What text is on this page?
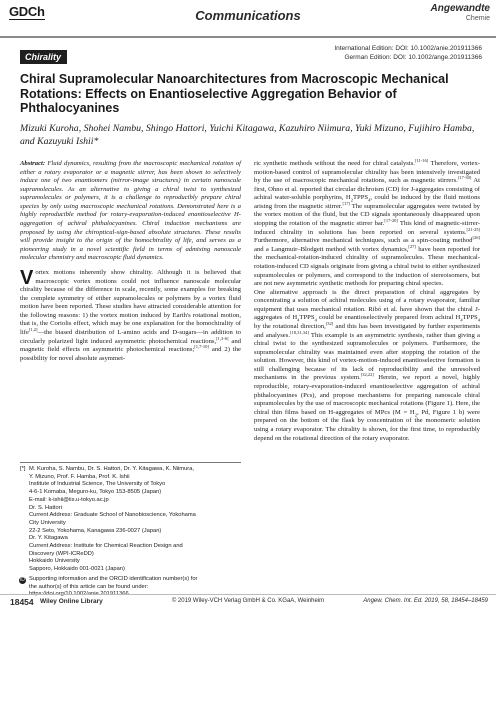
GDCh	Communications	Angewandte
Chemie
Chirality
International Edition: DOI: 10.1002/anie.201911366
German Edition: DOI: 10.1002/ange.201911366
Chiral Supramolecular Nanoarchitectures from Macroscopic Mechanical Rotations: Effects on Enantioselective Aggregation Behavior of Phthalocyanines
Mizuki Kuroha, Shohei Nambu, Shingo Hattori, Yuichi Kitagawa, Kazuhiro Niimura, Yuki Mizuno, Fujihiro Hamba, and Kazuyuki Ishii*

Abstract: Fluid dynamics, resulting from the macroscopic mechanical rotation of either a rotary evaporator or a magnetic stirrer, has been shown to selectively induce one of two enantiomers (mirror-image structures) in certain nanoscale supramolecules. As an alternative to giving a chiral twist to synthesized supramolecules or polymers, it is a challenge to reproducibly prepare chiral species by only using macroscopic mechanical rotations. Demonstrated here is a highly reproducible method for rotary-evaporation-induced enantioselective H-aggregation of achiral phthalocyanines. Chiral induction mechanisms are proposed by using the chiroptical-sign-based absolute structures. These results will provide insight to the origin of the homochirality of life, and serves as a pioneering study in a novel scientific field in terms of admixing nanoscale molecular chemistry and macroscopic fluid dynamics.

Vortex motions inherently show chirality. Although it is believed that macroscopic vortex motions could not influence nanoscale molecular chirality because of the difference in scale, recently, some examples for breaking the complete symmetry of either supramolecules or polymers by a vortex fluid motion have been reported. These studies have attracted considerable attention for the following reasons: 1) the vortex motion induced by Earth's rotational motion, that is, the Coriolis effect, which may be one explanation for the homochirality of life[1,2]—the biased distribution of L-amino acids and D-sugars—in addition to circularly polarized light induced asymmetric photochemical reactions,[1,3-6] and magnetic field effects on asymmetric photochemical reactions;[1,7-10] and 2) the possibility for novel absolute asymmet-

[*] M. Kuroha, S. Nambu, Dr. S. Hattori, Dr. Y. Kitagawa, K. Niimura,
Y. Mizuno, Prof. F. Hamba, Prof. K. Ishii
Institute of Industrial Science, The University of Tokyo
4-6-1 Komaba, Meguro-ku, Tokyo 153-8505 (Japan)
E-mail: k-ishii@iis.u-tokyo.ac.jp
Dr. S. Hattori
Current Address: Graduate School of Nanobioscience, Yokohama
City University
22-2 Seto, Yokohama, Kanagawa 236-0027 (Japan)
Dr. Y. Kitagawa
Current Address: Institute for Chemical Reaction Design and
Discovery (WPI-ICReDD)
Hokkaido University
Sapporo, Hokkaido 001-0021 (Japan)
iD Supporting information and the ORCID identification number(s) for
the author(s) of this article can be found under:

ric synthetic methods without the need for chiral catalysts.[11-16] Therefore, vortex-motion-based control of supramolecular chirality has been intensively investigated by the use of macroscopic mechanical rotations, such as magnetic stirrers.[17-30] At first, Ohno et al. reported that circular dichroism (CD) for J-aggregates consisting of achiral water-soluble porphyrins, $H_2TPPS_4$, could be induced by the fluid motions arising from the magnetic stirrer.[17] The supramolecular aggregates were twisted by the vortex motion of the fluid, but the CD signals spontaneously disappeared upon stopping the rotation of the magnetic stirrer bar.[17-20] This kind of magnetic-stirrer-induced chirality in solutions has been reported on several systems.[21-25] Furthermore, alternative mechanical techniques, such as a spin-coating method[26] and a Langmuir–Blodgett method with vortex dynamics,[27] have been reported for the mechanical-rotation-induced chirality of supramolecules. These mechanical-rotation-induced CD signals originate from giving a chiral twist to either synthesized supramolecules or polymers, and correspond to the induction of stereoisomers, but are not new asymmetric synthetic methods for preparing chiral species.

One alternative approach is the direct preparation of chiral aggregates by concentrating a solution of achiral molecules using of a rotary evaporator, familiar equipment that uses mechanical rotation. Ribó et al. have shown that the chiral J-aggregates of $H_4TPPS_4$ could be enantioselectively prepared from achiral $H_4TPPS_4$ by the rotational direction,[32] and this has been investigated by further experiments and analyses.[18,31,34] This example is an asymmetric synthesis, rather than giving a chiral twist to the synthesized supramolecules or polymers. Furthermore, the supramolecular chirality was maintained even after stopping the rotation of the solution. However, this kind of vortex-motion-induced enantioselective formation is still challenging because of its lack of reproducibility and the unresolved mechanisms in the previous system.[32,22] Herein, we report a novel, highly reproducible, rotary-evaporation-induced enantioselective aggregation of achiral phthalocyanines (Pcs), and propose mechanisms for preparing nanoscale chiral supramolecules by the use of macroscopic mechanical rotations (Figure 1). Here, the chiral thin films based on H-aggregates of MPcs ($M = H_2$, Pd, Figure 1 b) were prepared on the bottom of the flask by concentration of the monomeric solution using a rotary evaporator. The chirality is shown, for the first time, to reproducibly depend on the rotational direction of the rotary evaporator.

18454 Wiley Online Library	© 2019 Wiley-VCH Verlag GmbH & Co. KGaA, Weinheim	Angew. Chem. Int. Ed. 2019, 58, 18454–18459
